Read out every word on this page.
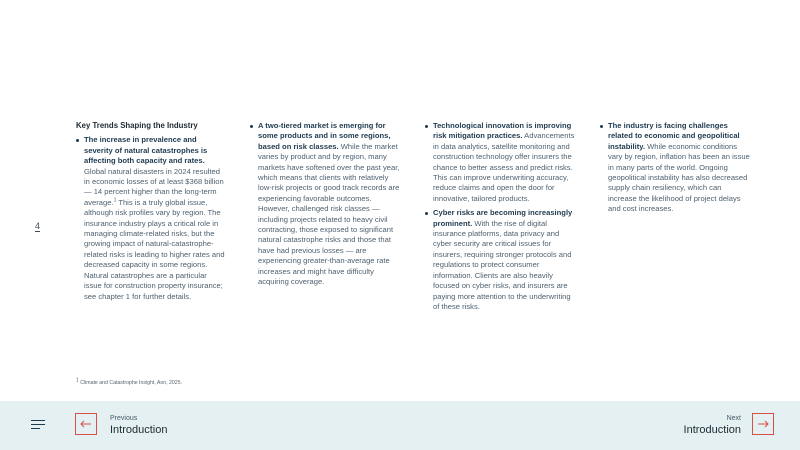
4
Key Trends Shaping the Industry
The increase in prevalence and severity of natural catastrophes is affecting both capacity and rates. Global natural disasters in 2024 resulted in economic losses of at least $368 billion — 14 percent higher than the long-term average.$^1$ This is a truly global issue, although risk profiles vary by region. The insurance industry plays a critical role in managing climate-related risks, but the growing impact of natural-catastrophe-related risks is leading to higher rates and decreased capacity in some regions. Natural catastrophes are a particular issue for construction property insurance; see chapter 1 for further details.
A two-tiered market is emerging for some products and in some regions, based on risk classes. While the market varies by product and by region, many markets have softened over the past year, which means that clients with relatively low-risk projects or good track records are experiencing favorable outcomes. However, challenged risk classes — including projects related to heavy civil contracting, those exposed to significant natural catastrophe risks and those that have had previous losses — are experiencing greater-than-average rate increases and might have difficulty acquiring coverage.
Technological innovation is improving risk mitigation practices. Advancements in data analytics, satellite monitoring and construction technology offer insurers the chance to better assess and predict risks. This can improve underwriting accuracy, reduce claims and open the door for innovative, tailored products.
Cyber risks are becoming increasingly prominent. With the rise of digital insurance platforms, data privacy and cyber security are critical issues for insurers, requiring stronger protocols and regulations to protect consumer information. Clients are also heavily focused on cyber risks, and insurers are paying more attention to the underwriting of these risks.
The industry is facing challenges related to economic and geopolitical instability. While economic conditions vary by region, inflation has been an issue in many parts of the world. Ongoing geopolitical instability has also decreased supply chain resiliency, which can increase the likelihood of project delays and cost increases.
$^1$ Climate and Catastrophe Insight, Aon, 2025.
Previous
Introduction
Next
Introduction
